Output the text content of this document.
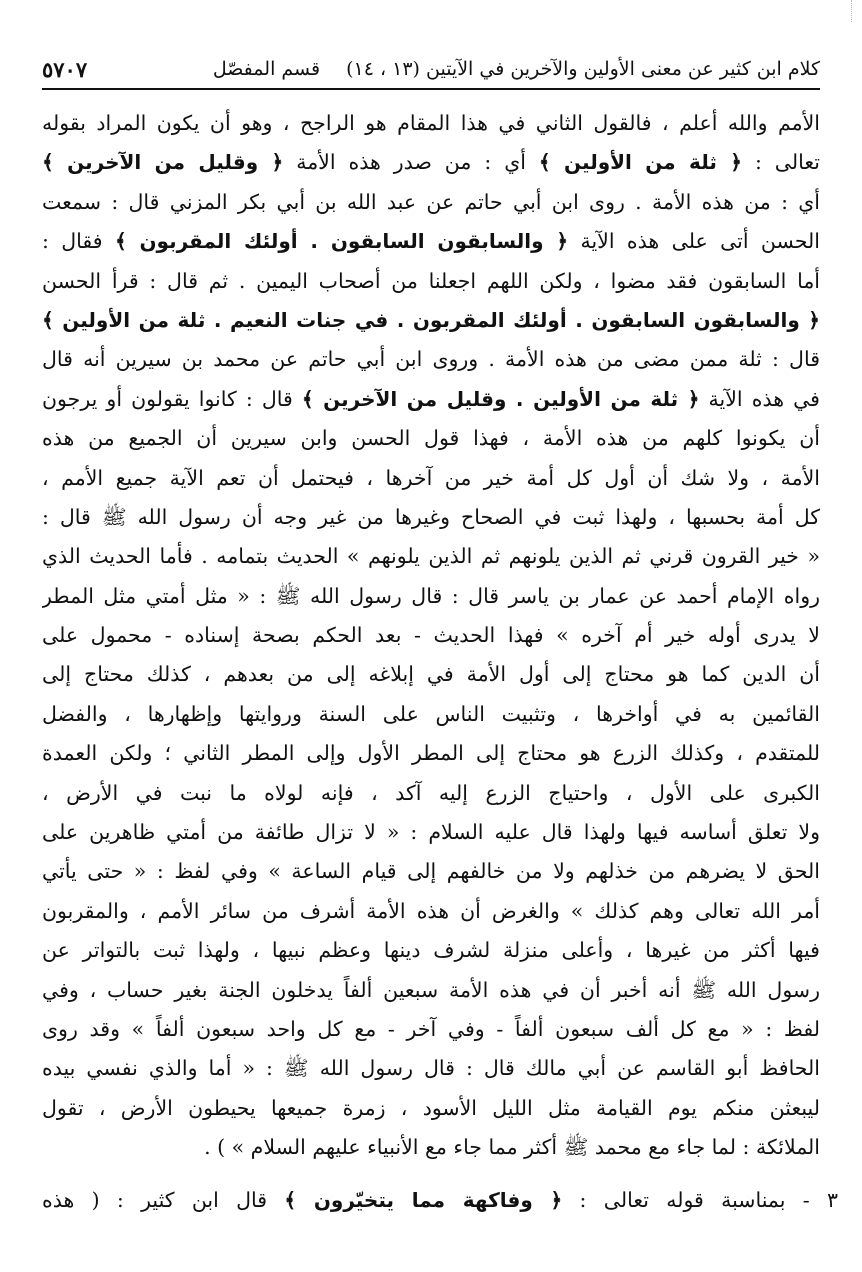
كلام ابن كثير عن معنى الأولين والآخرين في الآيتين (١٣ ، ١٤)
قسم المفصّل
٥٧٠٧
الأمم والله أعلم ، فالقول الثاني في هذا المقام هو الراجح ، وهو أن يكون المراد بقوله
تعالى : ﴿ ثلة من الأولين ﴾ أي : من صدر هذه الأمة ﴿ وقليل من الآخرين ﴾
أي : من هذه الأمة . روى ابن أبي حاتم عن عبد الله بن أبي بكر المزني قال : سمعت
الحسن أتى على هذه الآية ﴿ والسابقون السابقون . أولئك المقربون ﴾ فقال :
أما السابقون فقد مضوا ، ولكن اللهم اجعلنا من أصحاب اليمين . ثم قال : قرأ الحسن
﴿ والسابقون السابقون . أولئك المقربون . في جنات النعيم . ثلة من الأولين ﴾
قال : ثلة ممن مضى من هذه الأمة . وروى ابن أبي حاتم عن محمد بن سيرين أنه قال
في هذه الآية ﴿ ثلة من الأولين . وقليل من الآخرين ﴾ قال : كانوا يقولون أو يرجون
أن يكونوا كلهم من هذه الأمة ، فهذا قول الحسن وابن سيرين أن الجميع من هذه
الأمة ، ولا شك أن أول كل أمة خير من آخرها ، فيحتمل أن تعم الآية جميع الأمم ،
كل أمة بحسبها ، ولهذا ثبت في الصحاح وغيرها من غير وجه أن رسول الله ﷺ قال :
« خير القرون قرني ثم الذين يلونهم ثم الذين يلونهم » الحديث بتمامه . فأما الحديث الذي
رواه الإمام أحمد عن عمار بن ياسر قال : قال رسول الله ﷺ : « مثل أمتي مثل المطر
لا يدرى أوله خير أم آخره » فهذا الحديث - بعد الحكم بصحة إسناده - محمول على
أن الدين كما هو محتاج إلى أول الأمة في إبلاغه إلى من بعدهم ، كذلك محتاج إلى
القائمين به في أواخرها ، وتثبيت الناس على السنة وروايتها وإظهارها ، والفضل
للمتقدم ، وكذلك الزرع هو محتاج إلى المطر الأول وإلى المطر الثاني ؛ ولكن العمدة
الكبرى على الأول ، واحتياج الزرع إليه آكد ، فإنه لولاه ما نبت في الأرض ،
ولا تعلق أساسه فيها ولهذا قال عليه السلام : « لا تزال طائفة من أمتي ظاهرين على
الحق لا يضرهم من خذلهم ولا من خالفهم إلى قيام الساعة » وفي لفظ : « حتى يأتي
أمر الله تعالى وهم كذلك » والغرض أن هذه الأمة أشرف من سائر الأمم ، والمقربون
فيها أكثر من غيرها ، وأعلى منزلة لشرف دينها وعظم نبيها ، ولهذا ثبت بالتواتر عن
رسول الله ﷺ أنه أخبر أن في هذه الأمة سبعين ألفاً يدخلون الجنة بغير حساب ، وفي
لفظ : « مع كل ألف سبعون ألفاً - وفي آخر - مع كل واحد سبعون ألفاً » وقد روى
الحافظ أبو القاسم عن أبي مالك قال : قال رسول الله ﷺ : « أما والذي نفسي بيده
ليبعثن منكم يوم القيامة مثل الليل الأسود ، زمرة جميعها يحيطون الأرض ، تقول
الملائكة : لما جاء مع محمد ﷺ أكثر مما جاء مع الأنبياء عليهم السلام » ) .
٣ - بمناسبة قوله تعالى : ﴿ وفاكهة مما يتخيّرون ﴾ قال ابن كثير : ( هذه
